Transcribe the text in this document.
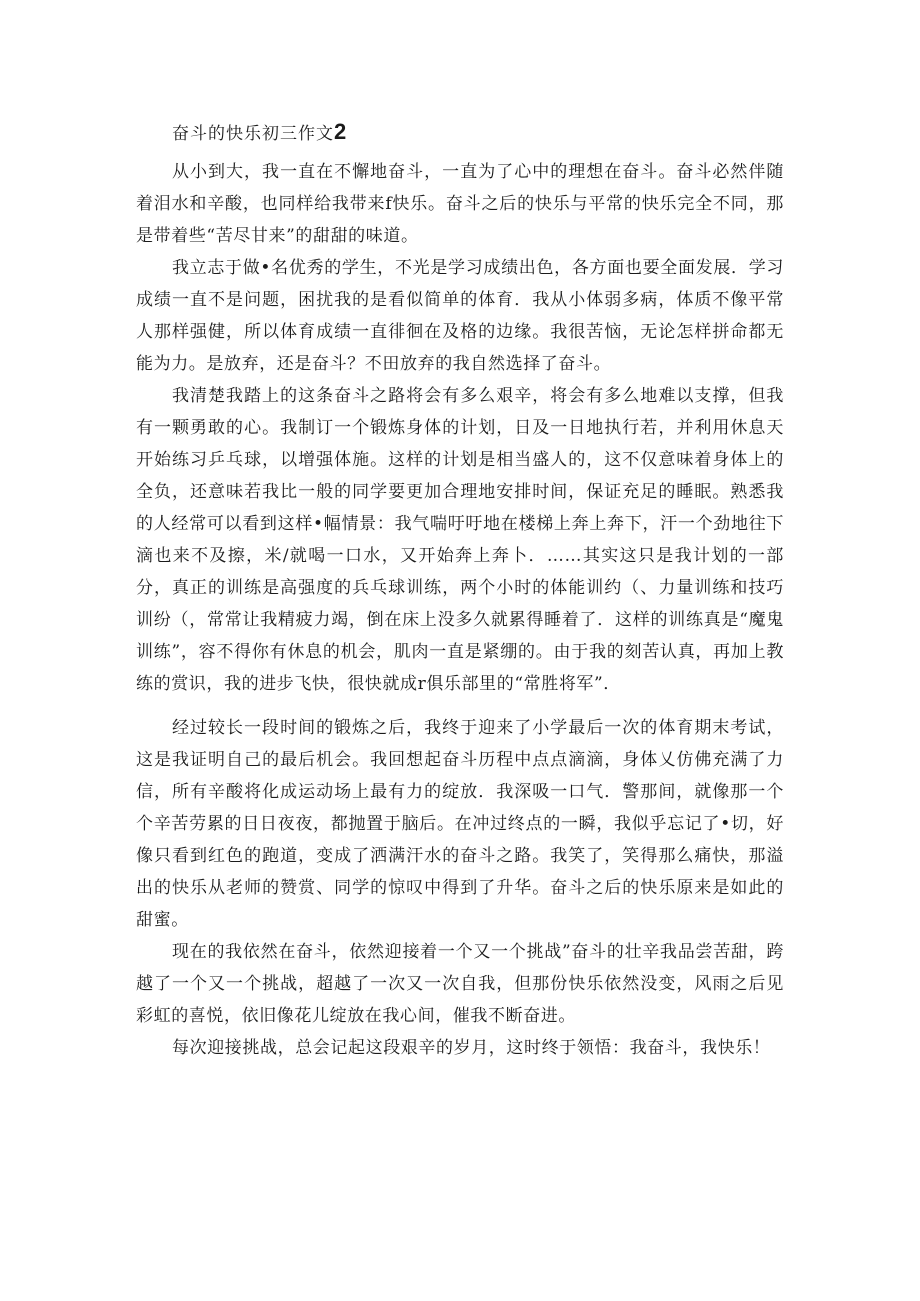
奋斗的快乐初三作文2

从小到大，我一直在不懈地奋斗，一直为了心中的理想在奋斗。奋斗必然伴随着泪水和辛酸，也同样给我带来f快乐。奋斗之后的快乐与平常的快乐完全不同，那是带着些“苦尽甘来”的甜甜的味道。

我立志于做•名优秀的学生，不光是学习成绩出色，各方面也要全面发展．学习成绩一直不是问题，困扰我的是看似简单的体育．我从小体弱多病，体质不像平常人那样强健，所以体育成绩一直徘徊在及格的边缘。我很苦恼，无论怎样拼命都无能为力。是放弃，还是奋斗？不田放弃的我自然选择了奋斗。

我清楚我踏上的这条奋斗之路将会有多么艰辛，将会有多么地难以支撑，但我有一颗勇敢的心。我制订一个锻炼身体的计划，日及一日地执行若，并利用休息天开始练习乒乓球，以增强体施。这样的计划是相当盛人的，这不仅意味着身体上的全负，还意味若我比一般的同学要更加合理地安排时间，保证充足的睡眠。熟悉我的人经常可以看到这样•幅情景：我气喘吁吁地在楼梯上奔上奔下，汗一个劲地往下滴也来不及擦，米/就喝一口水，又开始奔上奔卜．……其实这只是我计划的一部分，真正的训练是高强度的兵乓球训练，两个小时的体能训约（、力量训练和技巧训纷（，常常让我精疲力竭，倒在床上没多久就累得睡着了．这样的训练真是“魔鬼训练”，容不得你有休息的机会，肌肉一直是紧绷的。由于我的刻苦认真，再加上教练的赏识，我的进步飞快，很快就成r俱乐部里的“常胜将军”．

经过较长一段时间的锻炼之后，我终于迎来了小学最后一次的体育期末考试，这是我证明自己的最后机会。我回想起奋斗历程中点点滴滴，身体乂仿佛充满了力信，所有辛酸将化成运动场上最有力的绽放．我深吸一口气．警那间，就像那一个个辛苦劳累的日日夜夜，都抛置于脑后。在冲过终点的一瞬，我似乎忘记了•切，好像只看到红色的跑道，变成了洒满汗水的奋斗之路。我笑了，笑得那么痛快，那溢出的快乐从老师的赞赏、同学的惊叹中得到了升华。奋斗之后的快乐原来是如此的甜蜜。

现在的我依然在奋斗，依然迎接着一个又一个挑战”奋斗的壮辛我品尝苦甜，跨越了一个又一个挑战，超越了一次又一次自我，但那份快乐依然没变，风雨之后见彩虹的喜悦，依旧像花儿绽放在我心间，催我不断奋进。

每次迎接挑战，总会记起这段艰辛的岁月，这时终于领悟：我奋斗，我快乐！
